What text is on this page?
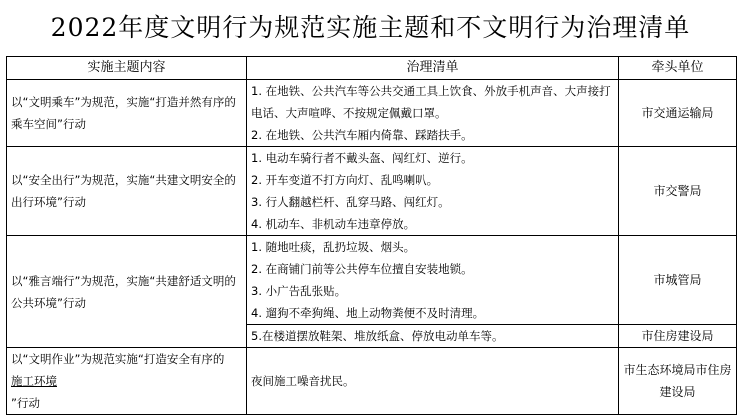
2022年度文明行为规范实施主题和不文明行为治理清单
实施主题内容	治理清单	牵头单位
以“文明乘车”为规范，实施“打造并然有序的乘车空间”行动	1. 在地铁、公共汽车等公共交通工具上饮食、外放手机声音、大声接打电话、大声喧哗、不按规定佩戴口罩。
2. 在地铁、公共汽车厢内倚靠、踩踏扶手。	市交通运输局
以“安全出行”为规范，实施“共建文明安全的出行环境”行动	1. 电动车骑行者不戴头盔、闯红灯、逆行。
2. 开车变道不打方向灯、乱鸣喇叭。
3. 行人翻越栏杆、乱穿马路、闯红灯。
4. 机动车、非机动车违章停放。	市交警局
以“雅言端行”为规范，实施“共建舒适文明的公共环境”行动	1. 随地吐痰，乱扔垃圾、烟头。
2. 在商铺门前等公共停车位擅自安装地锁。
3. 小广告乱张贴。
4. 遛狗不牵狗绳、地上动物粪便不及时清理。	市城管局

	5.在楼道摆放鞋架、堆放纸盒、停放电动单车等。	市住房建设局

以“文明作业”为规范实施“打造安全有序的
施工环境
”行动	夜间施工噪音扰民。	市生态环境局市住房建设局
